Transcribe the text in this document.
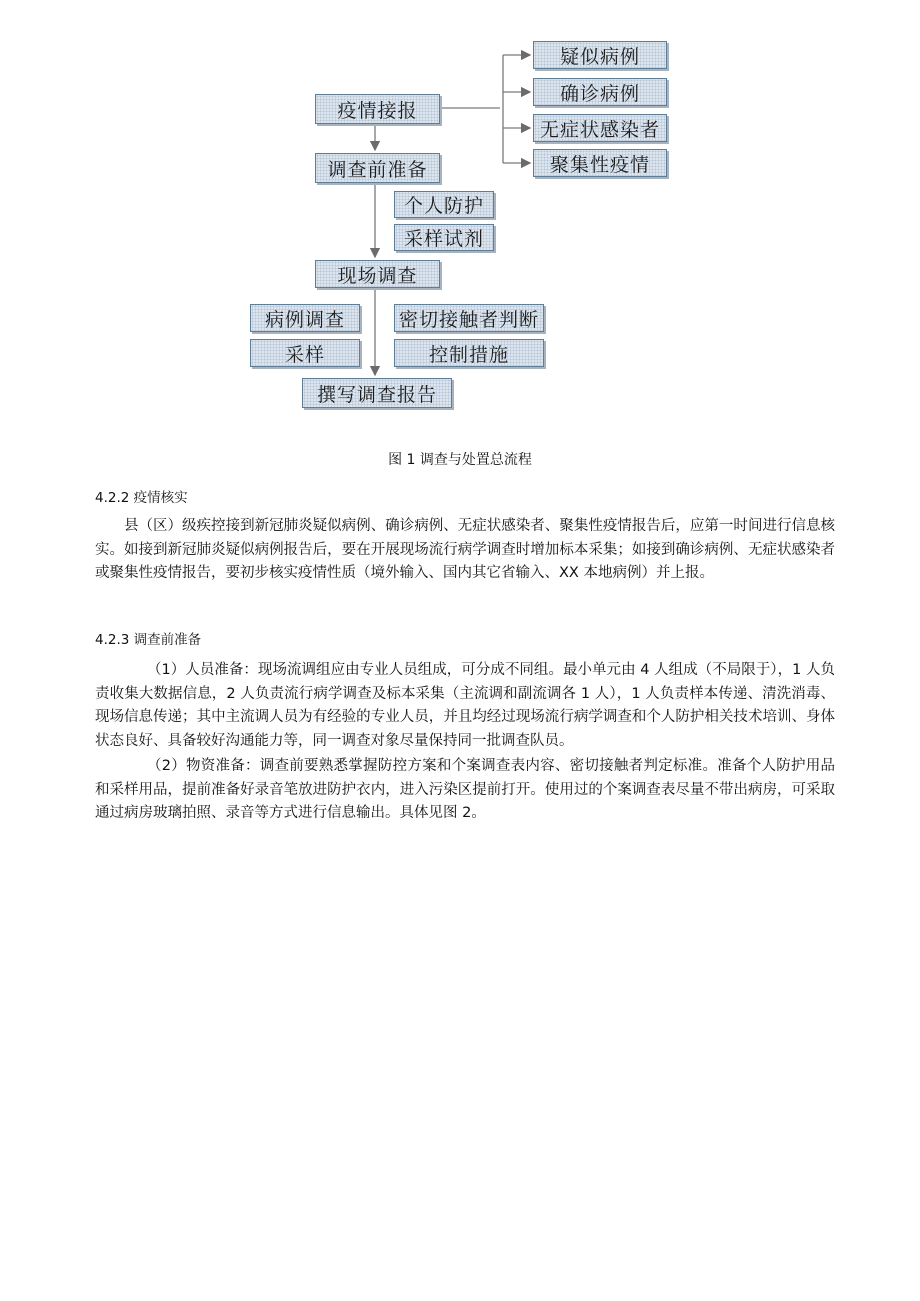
疫情接报
调查前准备
现场调查
撰写调查报告
疑似病例
确诊病例
无症状感染者
聚集性疫情
个人防护
采样试剂
病例调查
采样
密切接触者判断
控制措施
图 1 调查与处置总流程
4.2.2 疫情核实

县（区）级疾控接到新冠肺炎疑似病例、确诊病例、无症状感染者、聚集性疫情报告后，应第一时间进行信息核实。如接到新冠肺炎疑似病例报告后，要在开展现场流行病学调查时增加标本采集；如接到确诊病例、无症状感染者或聚集性疫情报告，要初步核实疫情性质（境外输入、国内其它省输入、XX 本地病例）并上报。

4.2.3 调查前准备

（1）人员准备：现场流调组应由专业人员组成，可分成不同组。最小单元由 4 人组成（不局限于），1 人负责收集大数据信息，2 人负责流行病学调查及标本采集（主流调和副流调各 1 人），1 人负责样本传递、清洗消毒、现场信息传递；其中主流调人员为有经验的专业人员，并且均经过现场流行病学调查和个人防护相关技术培训、身体状态良好、具备较好沟通能力等，同一调查对象尽量保持同一批调查队员。

（2）物资准备：调查前要熟悉掌握防控方案和个案调查表内容、密切接触者判定标准。准备个人防护用品和采样用品，提前准备好录音笔放进防护衣内，进入污染区提前打开。使用过的个案调查表尽量不带出病房，可采取通过病房玻璃拍照、录音等方式进行信息输出。具体见图 2。
